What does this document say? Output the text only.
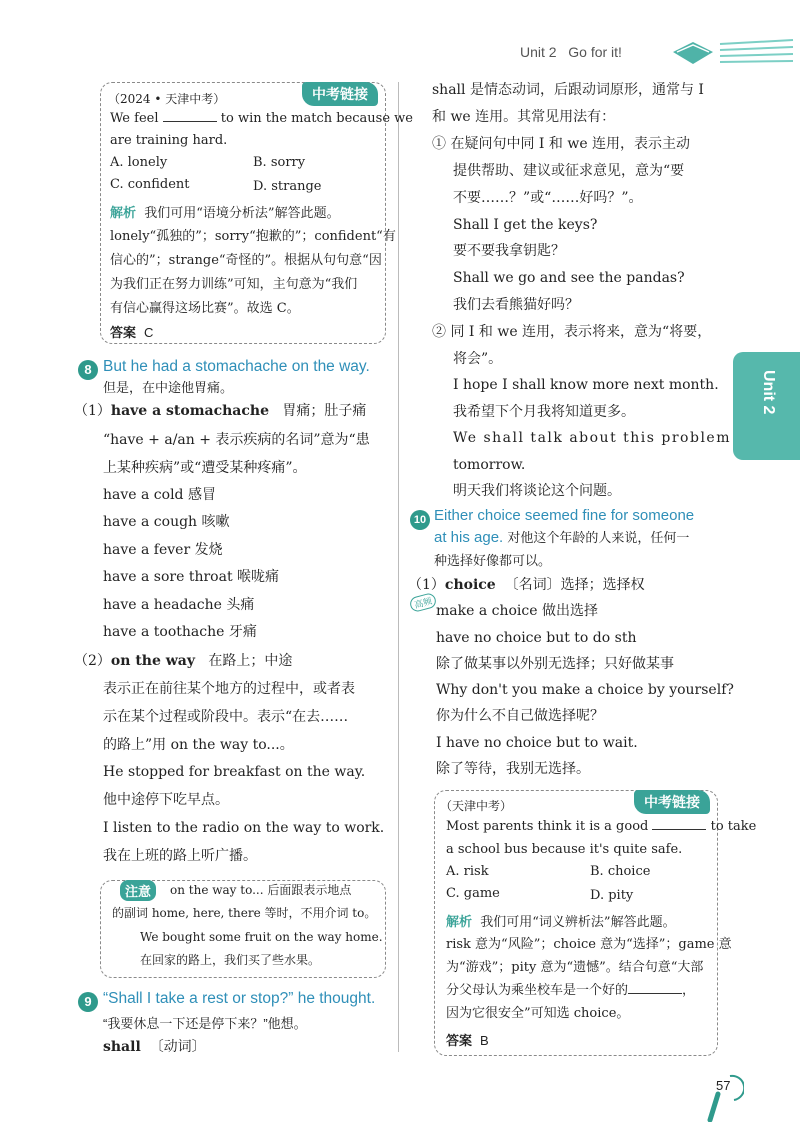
Unit 2 Go for it!
中考链接
（2024 • 天津中考）
We feel	to win the match because we
are training hard.
A. lonely	B. sorry
C. confident	D. strange
解析 我们可用“语境分析法”解答此题。
lonely“孤独的”；sorry“抱歉的”；confident“有
信心的”；strange“奇怪的”。根据从句句意“因
为我们正在努力训练”可知，主句意为“我们
有信心赢得这场比赛”。故选 C。
答案 C
8 But he had a stomachache on the way.
但是，在中途他胃痛。
（1）have a stomachache 胃痛；肚子痛
“have + a/an + 表示疾病的名词”意为“患
上某种疾病”或“遭受某种疼痛”。
have a cold 感冒
have a cough 咳嗽
have a fever 发烧
have a sore throat 喉咙痛
have a headache 头痛
have a toothache 牙痛
（2）on the way 在路上；中途
表示正在前往某个地方的过程中，或者表
示在某个过程或阶段中。表示“在去……
的路上”用 on the way to...。
He stopped for breakfast on the way.
他中途停下吃早点。
I listen to the radio on the way to work.
我在上班的路上听广播。
注意	on the way to... 后面跟表示地点
的副词 home, here, there 等时，不用介词 to。
We bought some fruit on the way home.
在回家的路上，我们买了些水果。
9 “Shall I take a rest or stop?” he thought.
“我要休息一下还是停下来？”他想。
shall 〔动词〕
shall 是情态动词，后跟动词原形，通常与 I
和 we 连用。其常见用法有：
① 在疑问句中同 I 和 we 连用，表示主动
提供帮助、建议或征求意见，意为“要
不要……？”或“……好吗？”。
Shall I get the keys?
要不要我拿钥匙？
Shall we go and see the pandas?
我们去看熊猫好吗？
② 同 I 和 we 连用，表示将来，意为“将要，
将会”。
I hope I shall know more next month.
我希望下个月我将知道更多。
We shall talk about this problem
tomorrow.
明天我们将谈论这个问题。
10 Either choice seemed fine for someone
at his age. 对他这个年龄的人来说，任何一
种选择好像都可以。
（1）choice 〔名词〕选择；选择权
高频
make a choice 做出选择
have no choice but to do sth
除了做某事以外别无选择；只好做某事
Why don't you make a choice by yourself?
你为什么不自己做选择呢？
I have no choice but to wait.
除了等待，我别无选择。
中考链接
（天津中考）
Most parents think it is a good	to take
a school bus because it's quite safe.
A. risk	B. choice
C. game	D. pity
解析 我们可用“词义辨析法”解答此题。
risk 意为“风险”；choice 意为“选择”；game 意
为“游戏”；pity 意为“遗憾”。结合句意“大部
分父母认为乘坐校车是一个好的	，
因为它很安全”可知选 choice。
答案 B
Unit 2
57
